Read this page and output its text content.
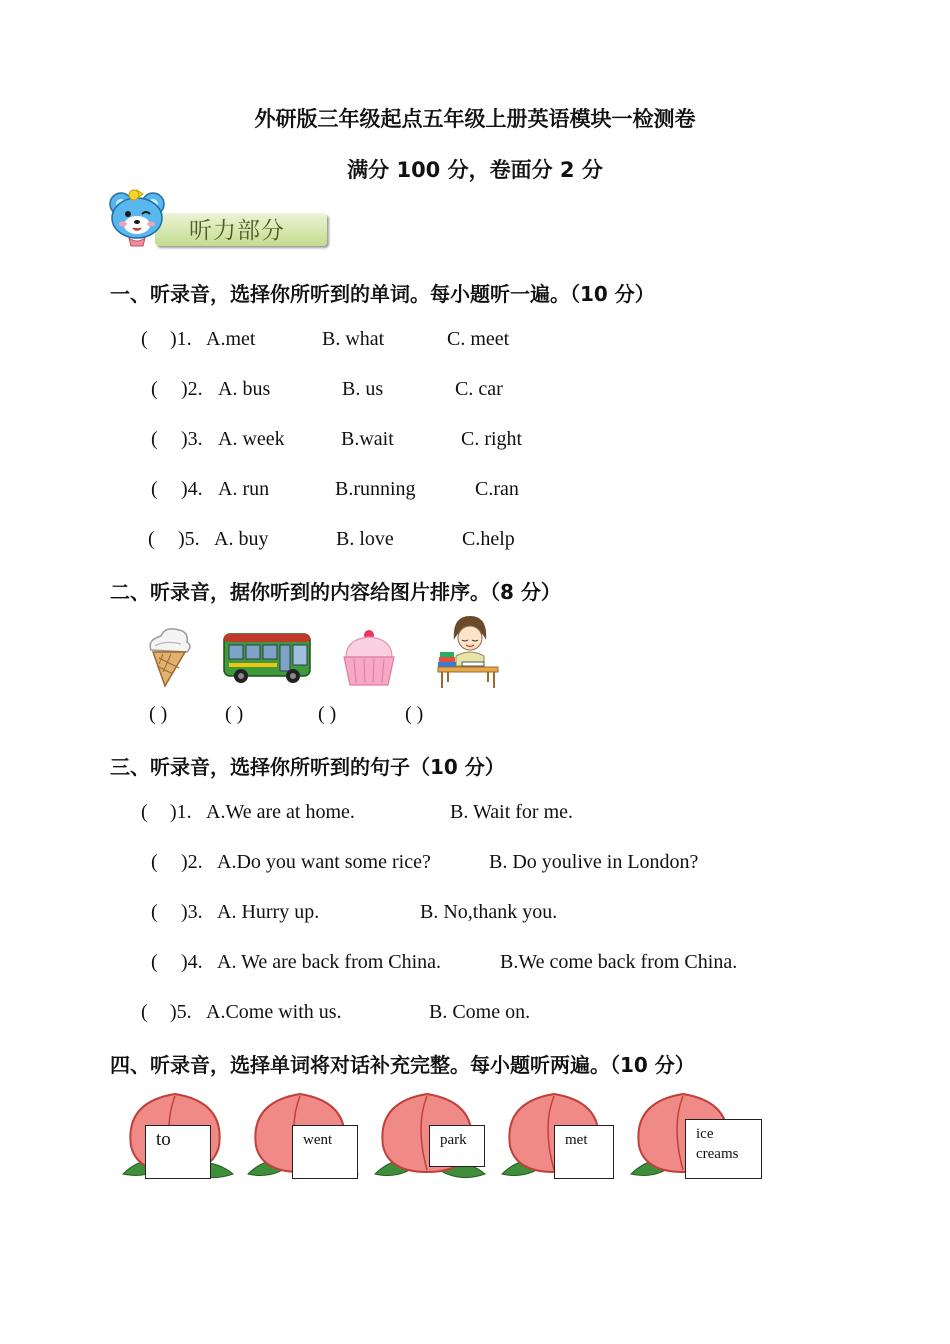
外研版三年级起点五年级上册英语模块一检测卷
满分 100 分，卷面分 2 分
听力部分
一、听录音，选择你所听到的单词。每小题听一遍。（10 分）
( )1. A.met	B. what	C. meet
( )2. A. bus	B. us	C. car
( )3. A. week	B.wait	C. right
( )4. A. run	B.running	C.ran
( )5. A. buy	B. love	C.help
二、听录音，据你听到的内容给图片排序。（8 分）
( )	( )	( )	( )
三、听录音，选择你所听到的句子（10 分）
( )1. A.We are at home.	B. Wait for me.
( )2. A.Do you want some rice?	B. Do youlive in London?
( )3. A. Hurry up.	B. No,thank you.
( )4. A. We are back from China.	B.We come back from China.
( )5. A.Come with us.	B. Come on.
四、听录音，选择单词将对话补充完整。每小题听两遍。（10 分）
to	went	park	met	ice creams
